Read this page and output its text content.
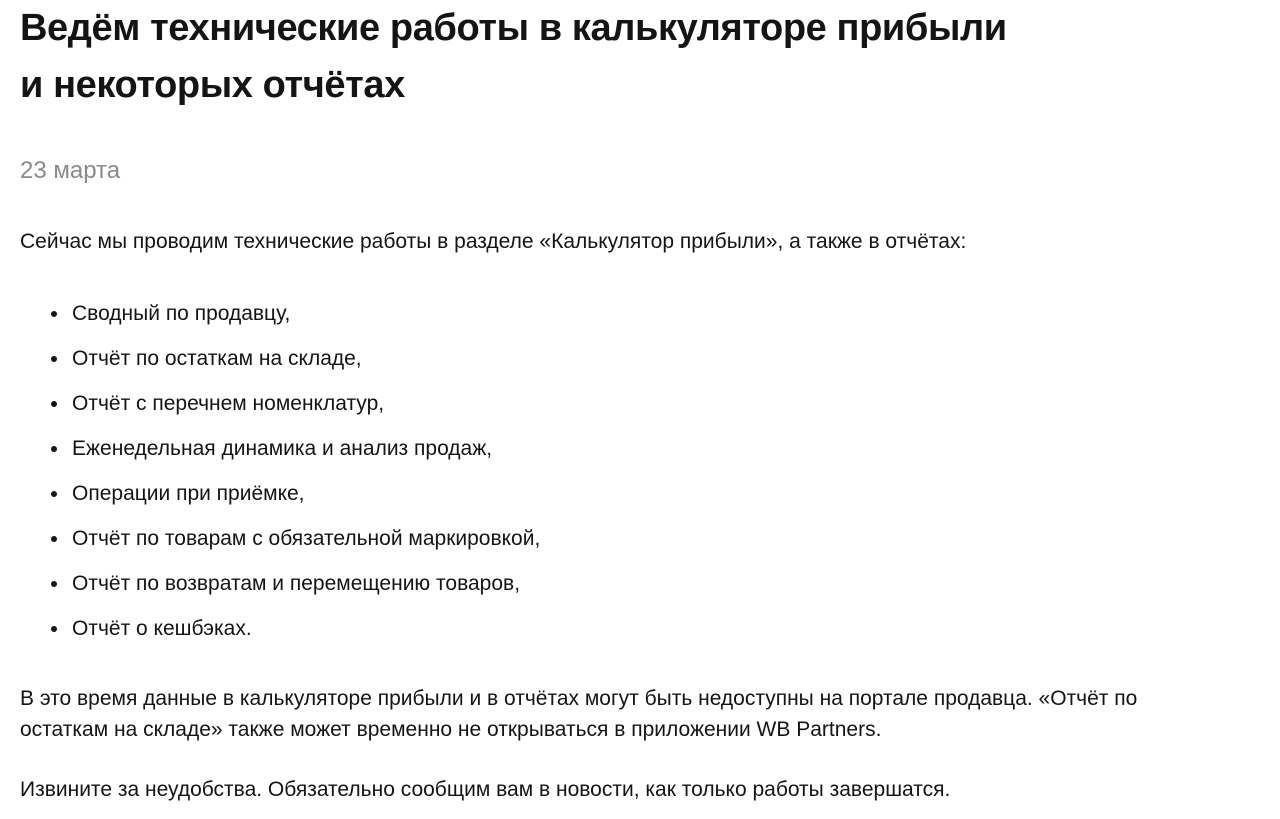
Ведём технические работы в калькуляторе прибыли
и некоторых отчётах
23 марта

Сейчас мы проводим технические работы в разделе «Калькулятор прибыли», а также в отчётах:

• Сводный по продавцу,
• Отчёт по остаткам на складе,
• Отчёт с перечнем номенклатур,
• Еженедельная динамика и анализ продаж,
• Операции при приёмке,
• Отчёт по товарам с обязательной маркировкой,
• Отчёт по возвратам и перемещению товаров,
• Отчёт о кешбэках.

В это время данные в калькуляторе прибыли и в отчётах могут быть недоступны на портале продавца. «Отчёт по остаткам на складе» также может временно не открываться в приложении WB Partners.

Извините за неудобства. Обязательно сообщим вам в новости, как только работы завершатся.
